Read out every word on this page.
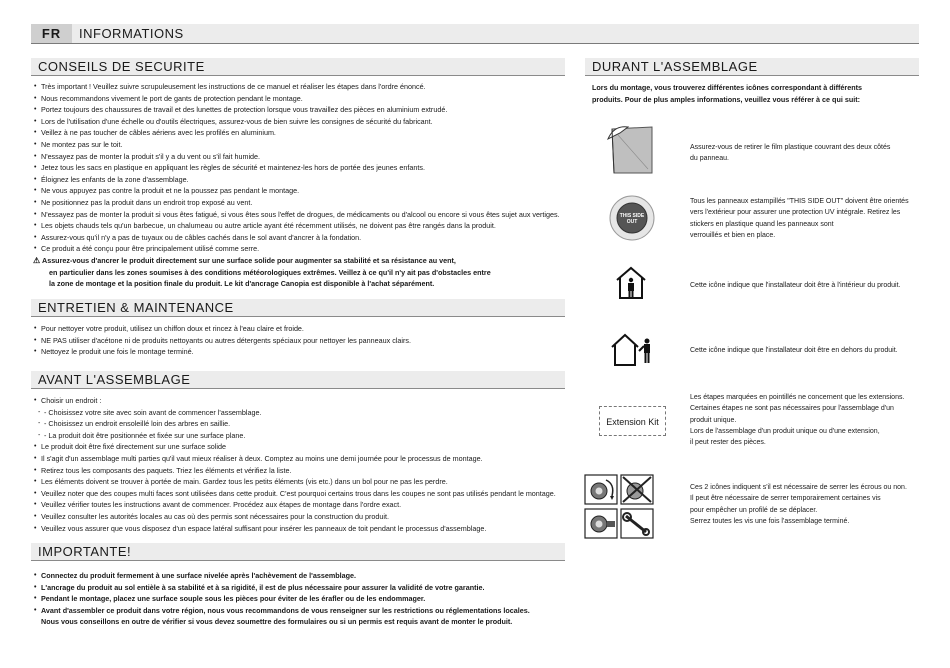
FR	INFORMATIONS
CONSEILS DE SECURITE
• Très important ! Veuillez suivre scrupuleusement les instructions de ce manuel et réaliser les étapes dans l'ordre énoncé.
• Nous recommandons vivement le port de gants de protection pendant le montage.
• Portez toujours des chaussures de travail et des lunettes de protection lorsque vous travaillez des pièces en aluminium extrudé.
• Lors de l'utilisation d'une échelle ou d'outils électriques, assurez-vous de bien suivre les consignes de sécurité du fabricant.
• Veillez à ne pas toucher de câbles aériens avec les profilés en aluminium.
• Ne montez pas sur le toit.
• N'essayez pas de monter la produit s'il y a du vent ou s'il fait humide.
• Jetez tous les sacs en plastique en appliquant les règles de sécurité et maintenez-les hors de portée des jeunes enfants.
• Éloignez les enfants de la zone d'assemblage.
• Ne vous appuyez pas contre la produit et ne la poussez pas pendant le montage.
• Ne positionnez pas la produit dans un endroit trop exposé au vent.
• N'essayez pas de monter la produit si vous êtes fatigué, si vous êtes sous l'effet de drogues, de médicaments ou d'alcool ou encore si vous êtes sujet aux vertiges.
• Les objets chauds tels qu'un barbecue, un chalumeau ou autre article ayant été récemment utilisés, ne doivent pas être rangés dans la produit.
• Assurez-vous qu'il n'y a pas de tuyaux ou de câbles cachés dans le sol avant d'ancrer à la fondation.
• Ce produit a été conçu pour être principalement utilisé comme serre.
⚠ Assurez-vous d'ancrer le produit directement sur une surface solide pour augmenter sa stabilité et sa résistance au vent,
en particulier dans les zones soumises à des conditions météorologiques extrêmes. Veillez à ce qu'il n'y ait pas d'obstacles entre
la zone de montage et la position finale du produit. Le kit d'ancrage Canopia est disponible à l'achat séparément.
ENTRETIEN & MAINTENANCE
• Pour nettoyer votre produit, utilisez un chiffon doux et rincez à l'eau claire et froide.
• NE PAS utiliser d'acétone ni de produits nettoyants ou autres détergents spéciaux pour nettoyer les panneaux clairs.
• Nettoyez le produit une fois le montage terminé.
AVANT L'ASSEMBLAGE
• Choisir un endroit :
- - Choisissez votre site avec soin avant de commencer l'assemblage.
- - Choisissez un endroit ensoleillé loin des arbres en saillie.
- - La produit doit être positionnée et fixée sur une surface plane.
• Le produit doit être fixé directement sur une surface solide
• Il s'agit d'un assemblage multi parties qu'il vaut mieux réaliser à deux. Comptez au moins une demi journée pour le processus de montage.
• Retirez tous les composants des paquets. Triez les éléments et vérifiez la liste.
• Les éléments doivent se trouver à portée de main. Gardez tous les petits éléments (vis etc.) dans un bol pour ne pas les perdre.
• Veuillez noter que des coupes multi faces sont utilisées dans cette produit. C'est pourquoi certains trous dans les coupes ne sont pas utilisés pendant le montage.
• Veuillez vérifier toutes les instructions avant de commencer. Procédez aux étapes de montage dans l'ordre exact.
• Veuillez consulter les autorités locales au cas où des permis sont nécessaires pour la construction du produit.
• Veuillez vous assurer que vous disposez d'un espace latéral suffisant pour insérer les panneaux de toit pendant le processus d'assemblage.
IMPORTANTE!
• Connectez du produit fermement à une surface nivelée après l'achèvement de l'assemblage.
• L'ancrage du produit au sol entièle à sa stabilité et à sa rigidité, il est de plus nécessaire pour assurer la validité de votre garantie.
• Pendant le montage, placez une surface souple sous les pièces pour éviter de les érafler ou de les endommager.
• Avant d'assembler ce produit dans votre région, nous vous recommandons de vous renseigner sur les restrictions ou réglementations locales.
Nous vous conseillons en outre de vérifier si vous devez soumettre des formulaires ou si un permis est requis avant de monter le produit.
DURANT L'ASSEMBLAGE
Lors du montage, vous trouverez différentes icônes correspondant à différents
produits. Pour de plus amples informations, veuillez vous référer à ce qui suit:
Assurez-vous de retirer le film plastique couvrant des deux côtés
du panneau.
THIS SIDE
OUT
Tous les panneaux estampillés "THIS SIDE OUT" doivent être orientés
vers l'extérieur pour assurer une protection UV intégrale. Retirez les
stickers en plastique quand les panneaux sont
verrouillés et bien en place.
Cette icône indique que l'installateur doit être à l'intérieur du produit.
Cette icône indique que l'installateur doit être en dehors du produit.
Extension Kit
Les étapes marquées en pointillés ne concernent que les extensions.
Certaines étapes ne sont pas nécessaires pour l'assemblage d'un
produit unique.
Lors de l'assemblage d'un produit unique ou d'une extension,
il peut rester des pièces.
Ces 2 icônes indiquent s'il est nécessaire de serrer les écrous ou non.
Il peut être nécessaire de serrer temporairement certaines vis
pour empêcher un profilé de se déplacer.
Serrez toutes les vis une fois l'assemblage terminé.
